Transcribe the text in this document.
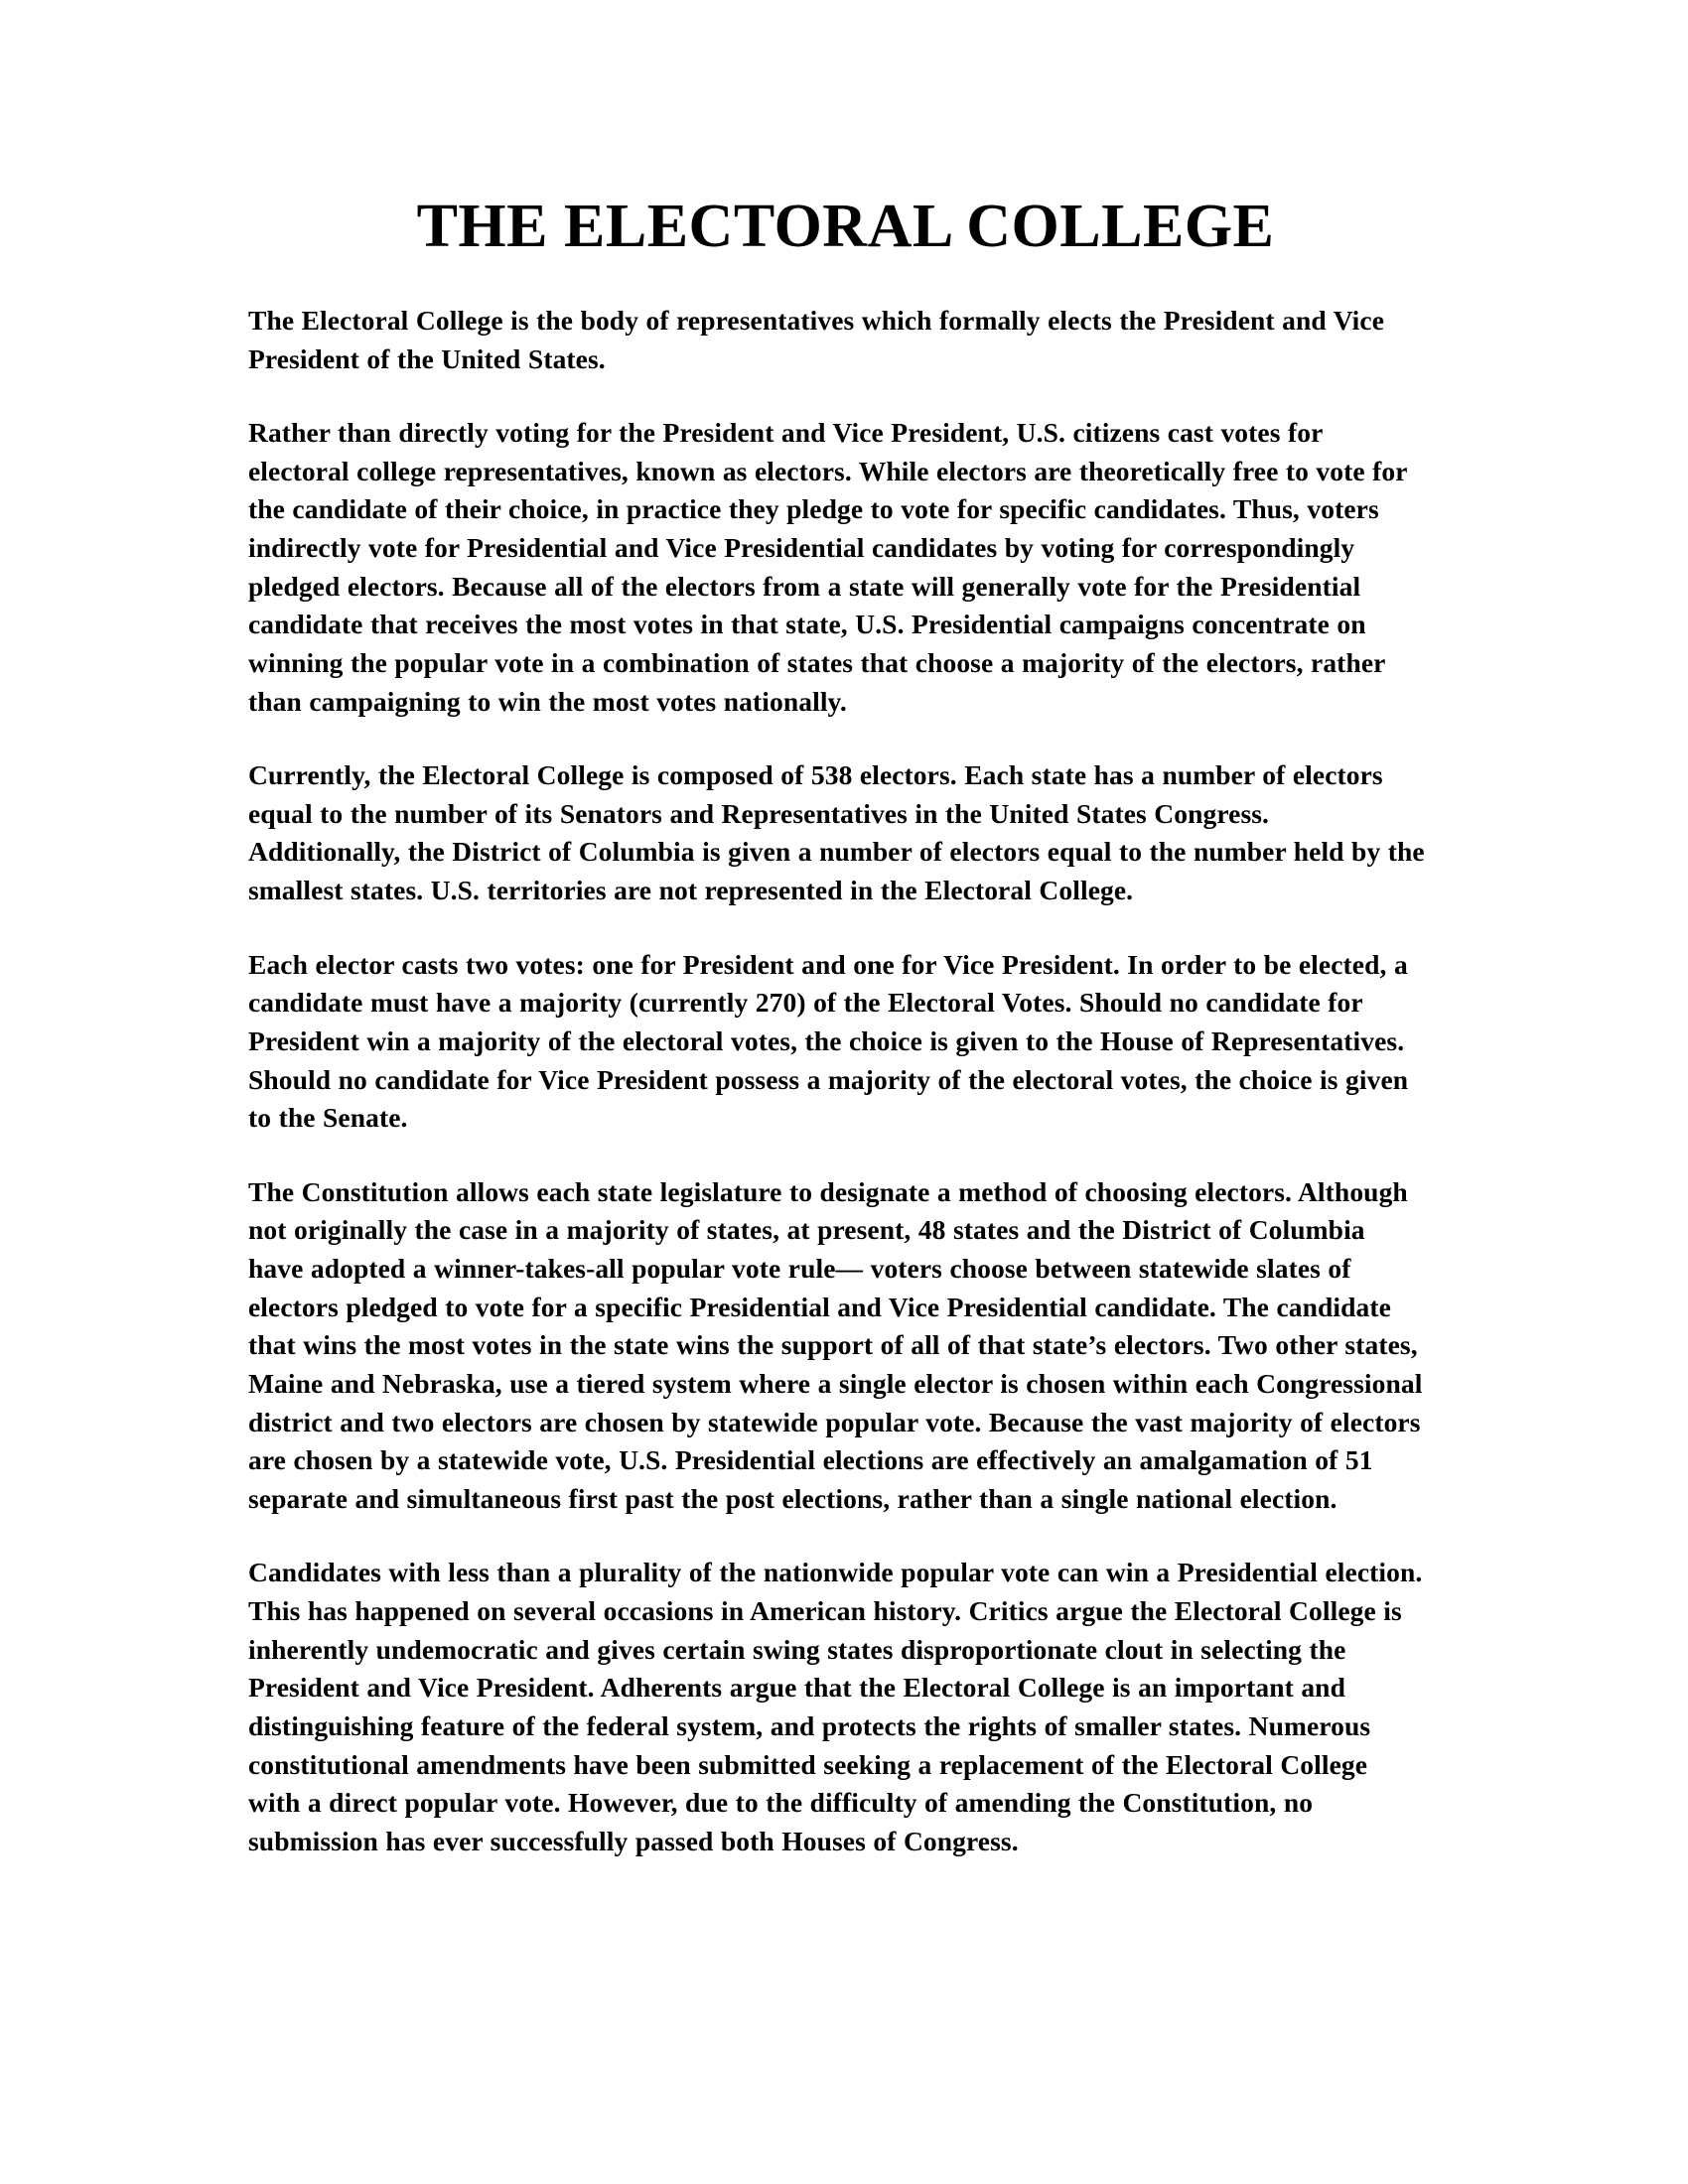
THE ELECTORAL COLLEGE

The Electoral College is the body of representatives which formally elects the President and Vice President of the United States.

Rather than directly voting for the President and Vice President, U.S. citizens cast votes for electoral college representatives, known as electors. While electors are theoretically free to vote for the candidate of their choice, in practice they pledge to vote for specific candidates. Thus, voters indirectly vote for Presidential and Vice Presidential candidates by voting for correspondingly pledged electors. Because all of the electors from a state will generally vote for the Presidential candidate that receives the most votes in that state, U.S. Presidential campaigns concentrate on winning the popular vote in a combination of states that choose a majority of the electors, rather than campaigning to win the most votes nationally.

Currently, the Electoral College is composed of 538 electors. Each state has a number of electors equal to the number of its Senators and Representatives in the United States Congress. Additionally, the District of Columbia is given a number of electors equal to the number held by the smallest states. U.S. territories are not represented in the Electoral College.

Each elector casts two votes: one for President and one for Vice President. In order to be elected, a candidate must have a majority (currently 270) of the Electoral Votes. Should no candidate for President win a majority of the electoral votes, the choice is given to the House of Representatives. Should no candidate for Vice President possess a majority of the electoral votes, the choice is given to the Senate.

The Constitution allows each state legislature to designate a method of choosing electors. Although not originally the case in a majority of states, at present, 48 states and the District of Columbia have adopted a winner-takes-all popular vote rule— voters choose between statewide slates of electors pledged to vote for a specific Presidential and Vice Presidential candidate. The candidate that wins the most votes in the state wins the support of all of that state’s electors. Two other states, Maine and Nebraska, use a tiered system where a single elector is chosen within each Congressional district and two electors are chosen by statewide popular vote. Because the vast majority of electors are chosen by a statewide vote, U.S. Presidential elections are effectively an amalgamation of 51 separate and simultaneous first past the post elections, rather than a single national election.

Candidates with less than a plurality of the nationwide popular vote can win a Presidential election. This has happened on several occasions in American history. Critics argue the Electoral College is inherently undemocratic and gives certain swing states disproportionate clout in selecting the President and Vice President. Adherents argue that the Electoral College is an important and distinguishing feature of the federal system, and protects the rights of smaller states. Numerous constitutional amendments have been submitted seeking a replacement of the Electoral College with a direct popular vote. However, due to the difficulty of amending the Constitution, no submission has ever successfully passed both Houses of Congress.
